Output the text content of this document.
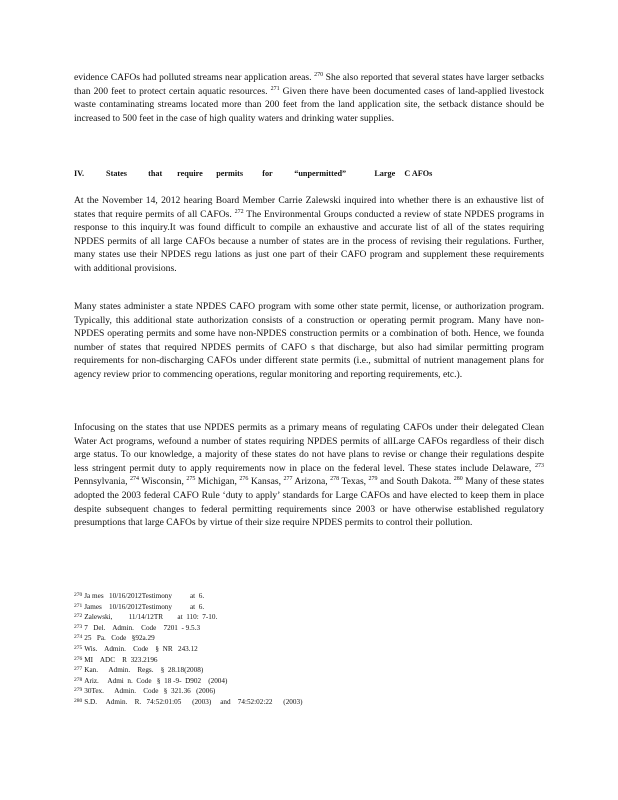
evidence CAFOs had polluted streams near application areas. $^{270}$ She also reported that several states have larger setbacks than 200 feet to protect certain aquatic resources. $^{271}$ Given there have been documented cases of land-applied livestock waste contaminating streams located more than 200 feet from the land application site, the setback distance should be increased to 500 feet in the case of high quality waters and drinking water supplies.
IV.	States	that require permits for	“unpermitted”	Large C AFOs
At the November 14, 2012 hearing Board Member Carrie Zalewski inquired into whether there is an exhaustive list of states that require permits of all CAFOs. $^{272}$ The Environmental Groups conducted a review of state NPDES programs in response to this inquiry.It was found difficult to compile an exhaustive and accurate list of all of the states requiring NPDES permits of all large CAFOs because a number of states are in the process of revising their regulations. Further, many states use their NPDES regu lations as just one part of their CAFO program and supplement these requirements with additional provisions.
Many states administer a state NPDES CAFO program with some other state permit, license, or authorization program. Typically, this additional state authorization consists of a construction or operating permit program. Many have non-NPDES operating permits and some have non-NPDES construction permits or a combination of both. Hence, we founda number of states that required NPDES permits of CAFO s that discharge, but also had similar permitting program requirements for non-discharging CAFOs under different state permits (i.e., submittal of nutrient management plans for agency review prior to commencing operations, regular monitoring and reporting requirements, etc.).
Infocusing on the states that use NPDES permits as a primary means of regulating CAFOs under their delegated Clean Water Act programs, wefound a number of states requiring NPDES permits of allLarge CAFOs regardless of their disch arge status. To our knowledge, a majority of these states do not have plans to revise or change their regulations despite less stringent permit duty to apply requirements now in place on the federal level. These states include Delaware, $^{273}$ Pennsylvania, $^{274}$ Wisconsin, $^{275}$ Michigan, $^{276}$ Kansas, $^{277}$ Arizona, $^{278}$ Texas, $^{279}$ and South Dakota. $^{280}$ Many of these states adopted the 2003 federal CAFO Rule ‘duty to apply’ standards for Large CAFOs and have elected to keep them in place despite subsequent changes to federal permitting requirements since 2003 or have otherwise established regulatory presumptions that large CAFOs by virtue of their size require NPDES permits to control their pollution.
$^{270}$ Ja mes   10/16/2012Testimony          at  6.
$^{271}$ James    10/16/2012Testimony          at  6.
$^{272}$ Zalewski,         11/14/12TR        at  110:  7-10.
$^{273}$ 7   Del.    Admin.    Code    7201  - 9.5.3
$^{274}$ 25   Pa.   Code   §92a.29
$^{275}$ Wis.    Admin.    Code    §  NR   243.12
$^{276}$ MI    ADC    R  323.2196
$^{277}$ Kan.      Admin.    Regs.    §  28.18(2008)
$^{278}$ Ariz.     Admi  n.  Code   §  18 -9-  D902    (2004)
$^{279}$ 30Tex.      Admin.    Code   §  321.36   (2006)
$^{280}$ S.D.     Admin.    R.   74:52:01:05      (2003)     and    74:52:02:22      (2003)
